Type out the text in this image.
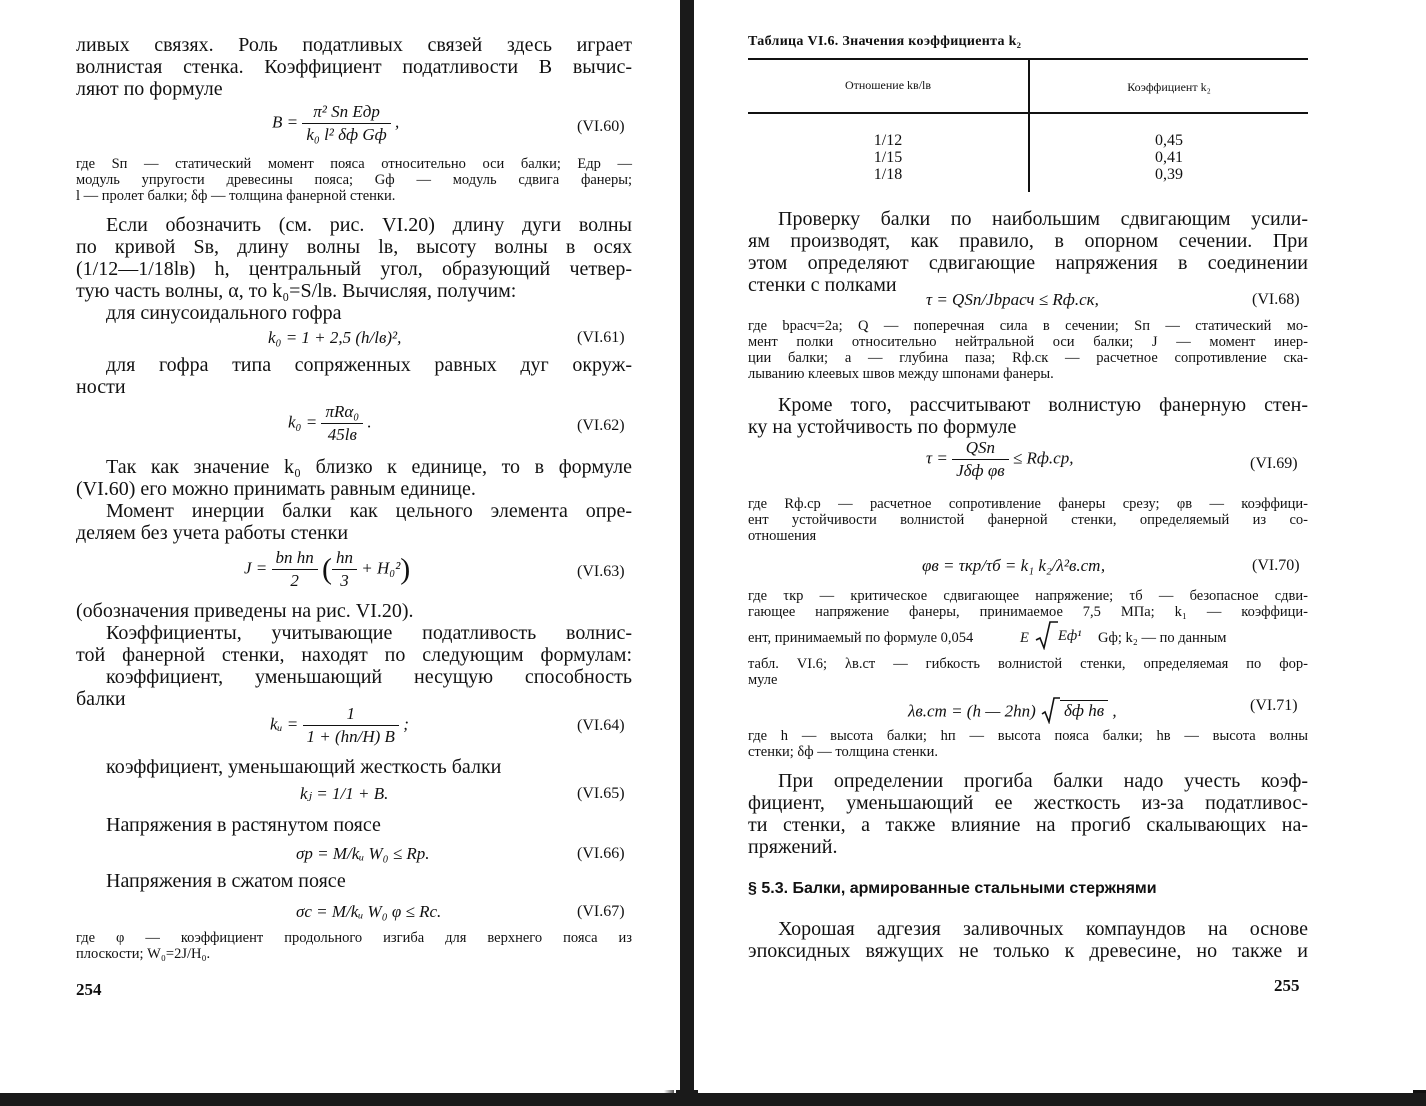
ливых связях. Роль податливых связей здесь играет
волнистая стенка. Коэффициент податливости B вычис-
ляют по формуле
$B = \frac{\text{π² Sп Eдр}}{\text{k₀ l² δф Gф}}$ ,	(VI.60)
где Sп — статический момент пояса относительно оси балки; Eдр —
модуль упругости древесины пояса; Gф — модуль сдвига фанеры;
l — пролет балки; δф — толщина фанерной стенки.
Если обозначить (см. рис. VI.20) длину дуги волны
по кривой Sв, длину волны lв, высоту волны в осях
(1/12—1/18lв) h, центральный угол, образующий четвер-
тую часть волны, α, то k₀=S/lв. Вычисляя, получим:
для синусоидального гофра
k₀ = 1 + 2,5 (h/lв)²,	(VI.61)
для гофра типа сопряженных равных дуг окруж-
ности
$k_0 = \frac{\text{πRα₀}}{45lв}$ .	(VI.62)
Так как значение k₀ близко к единице, то в формуле
(VI.60) его можно принимать равным единице.
Момент инерции балки как цельного элемента опре-
деляем без учета работы стенки
$J = \frac{\text{bп hп}}{2}$ ( $\frac{hп}{3} + H_0^2$)	(VI.63)
(обозначения приведены на рис. VI.20).
Коэффициенты, учитывающие податливость волнис-
той фанерной стенки, находят по следующим формулам:
коэффициент, уменьшающий несущую способность
балки
kᵤ = $\frac{1}{1 + (hп/H) B}$ ;	(VI.64)
коэффициент, уменьшающий жесткость балки
kⱼ = 1/1 + B.	(VI.65)
Напряжения в растянутом поясе
σр = M/kᵤ W₀ ≤ Rр.	(VI.66)
Напряжения в сжатом поясе
σс = M/kᵤ W₀ φ ≤ Rс.	(VI.67)
где φ — коэффициент продольного изгиба для верхнего пояса из
плоскости; W₀=2J/H₀.
254
Таблица VI.6. Значения коэффициента k₂
Отношение kв/lв	Коэффициент k₂
1/12	0,45
1/15	0,41
1/18	0,39
Проверку балки по наибольшим сдвигающим усили-
ям производят, как правило, в опорном сечении. При
этом определяют сдвигающие напряжения в соединении
стенки с полками
τ = QSп/Jbрасч ≤ Rф.ск,	(VI.68)
где bрасч=2a; Q — поперечная сила в сечении; Sп — статический мо-
мент полки относительно нейтральной оси балки; J — момент инер-
ции балки; a — глубина паза; Rф.ск — расчетное сопротивление ска-
лыванию клеевых швов между шпонами фанеры.
Кроме того, рассчитывают волнистую фанерную стен-
ку на устойчивость по формуле
$\tau = \frac{\text{QSп}}{\text{Jδф φв}} \le Rф.ср$,	(VI.69)
где Rф.ср — расчетное сопротивление фанеры срезу; φв — коэффици-
ент устойчивости волнистой фанерной стенки, определяемый из со-
отношения
φв = τкр/τб = k₁ k₂/λ²в.ст,	(VI.70)
где τкр — критическое сдвигающее напряжение; τб — безопасное сдви-
гающее напряжение фанеры, принимаемое 7,5 МПа; k₁ — коэффици-
ент, принимаемый по формуле 0,054	E Eф¹ Gф; k₂ — по данным
табл. VI.6; λв.ст — гибкость волнистой стенки, определяемая по фор-
муле
λв.ст = (h — 2hп) δф hв ,	(VI.71)
где h — высота балки; hп — высота пояса балки; hв — высота волны
стенки; δф — толщина стенки.
При определении прогиба балки надо учесть коэф-
фициент, уменьшающий ее жесткость из-за податливос-
ти стенки, а также влияние на прогиб скалывающих на-
пряжений.
§ 5.3. Балки, армированные стальными стержнями
Хорошая адгезия заливочных компаундов на основе
эпоксидных вяжущих не только к древесине, но также и
255
